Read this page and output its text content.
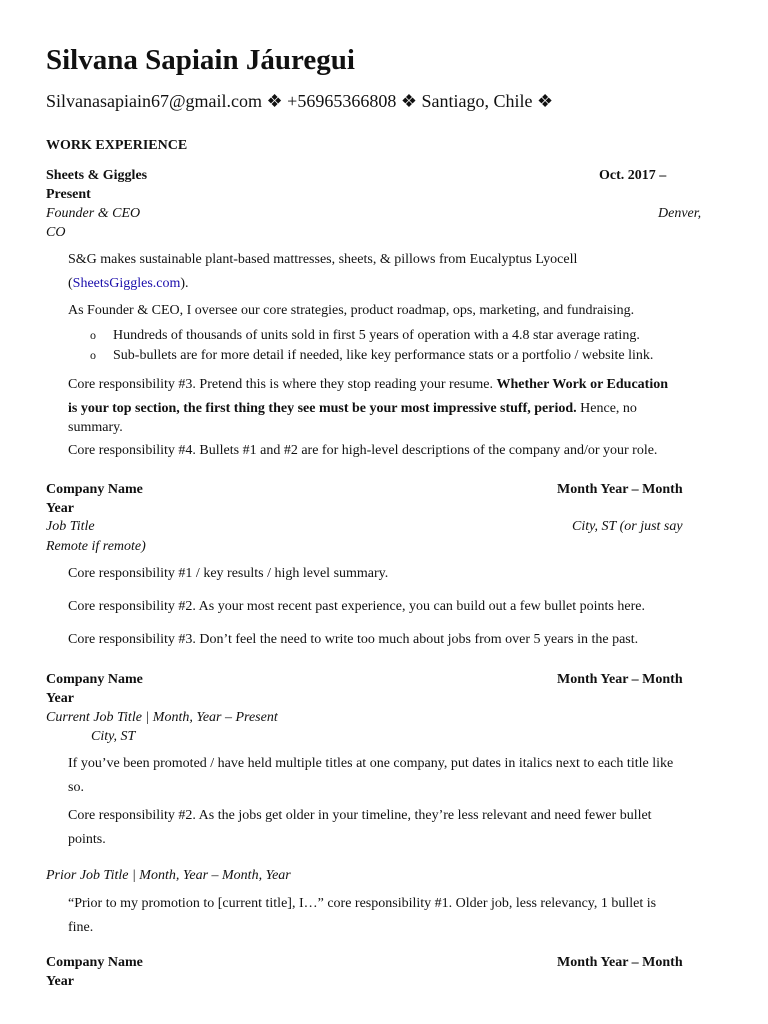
Silvana Sapiain Jáuregui
Silvanasapiain67@gmail.com ❖ +56965366808 ❖ Santiago, Chile ❖
WORK EXPERIENCE
Sheets & Giggles	Oct. 2017 –
Present
Founder & CEO	Denver,
CO
S&G makes sustainable plant-based mattresses, sheets, & pillows from Eucalyptus Lyocell
(SheetsGiggles.com).
As Founder & CEO, I oversee our core strategies, product roadmap, ops, marketing, and fundraising.
o Hundreds of thousands of units sold in first 5 years of operation with a 4.8 star average rating.
o Sub-bullets are for more detail if needed, like key performance stats or a portfolio / website link.
Core responsibility #3. Pretend this is where they stop reading your resume. Whether Work or Education
is your top section, the first thing they see must be your most impressive stuff, period. Hence, no
summary.
Core responsibility #4. Bullets #1 and #2 are for high-level descriptions of the company and/or your role.
Company Name	Month Year – Month
Year
Job Title	City, ST (or just say
Remote if remote)
Core responsibility #1 / key results / high level summary.
Core responsibility #2. As your most recent past experience, you can build out a few bullet points here.
Core responsibility #3. Don’t feel the need to write too much about jobs from over 5 years in the past.
Company Name	Month Year – Month
Year
Current Job Title | Month, Year – Present
City, ST
If you’ve been promoted / have held multiple titles at one company, put dates in italics next to each title like
so.
Core responsibility #2. As the jobs get older in your timeline, they’re less relevant and need fewer bullet
points.
Prior Job Title | Month, Year – Month, Year
“Prior to my promotion to [current title], I…” core responsibility #1. Older job, less relevancy, 1 bullet is
fine.
Company Name	Month Year – Month
Year
